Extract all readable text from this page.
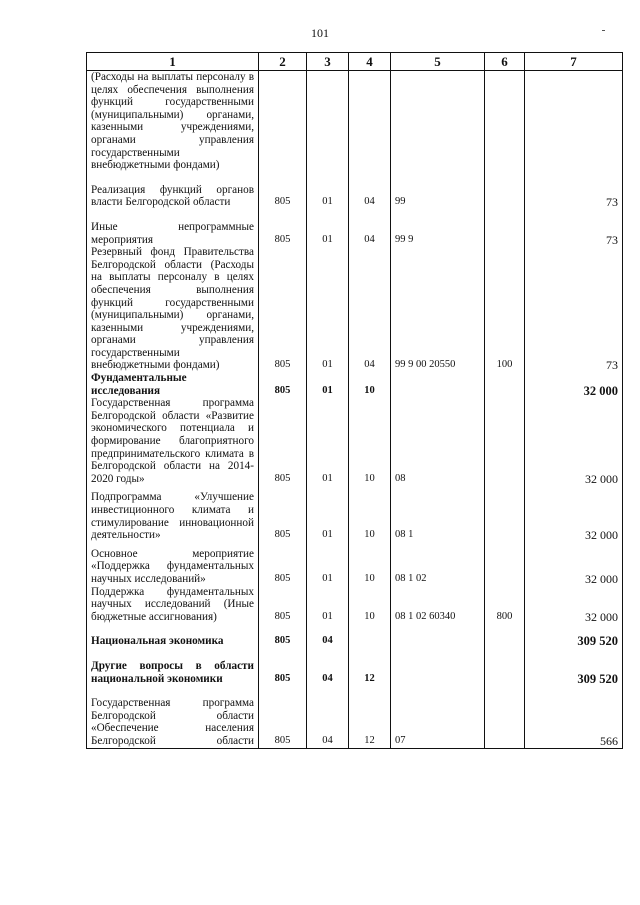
101
1	2	3	4	5	6	7
(Расходы на выплаты персоналу в целях обеспечения выполнения функций государственными (муниципальными) органами, казенными учреждениями, органами управления государственными внебюджетными фондами)						

Реализация функций органов власти Белгородской области	805	01	04	99		73

Иные непрограммные мероприятия	805	01	04	99 9		73
Резервный фонд Правительства Белгородской области (Расходы на выплаты персоналу в целях обеспечения выполнения функций государственными (муниципальными) органами, казенными учреждениями, органами управления государственными внебюджетными фондами)	805	01	04	99 9 00 20550	100	73
Фундаментальные исследования	805	01	10			32 000
Государственная программа Белгородской области «Развитие экономического потенциала и формирование благоприятного предпринимательского климата в Белгородской области на 2014-2020 годы»	805	01	10	08		32 000

Подпрограмма «Улучшение инвестиционного климата и стимулирование инновационной деятельности»	805	01	10	08 1		32 000

Основное мероприятие «Поддержка фундаментальных научных исследований»	805	01	10	08 1 02		32 000
Поддержка фундаментальных научных исследований (Иные бюджетные ассигнования)	805	01	10	08 1 02 60340	800	32 000

Национальная экономика	805	04				309 520

Другие вопросы в области национальной экономики	805	04	12			309 520

Государственная программа Белгородской области «Обеспечение населения Белгородской области	805	04	12	07		566
